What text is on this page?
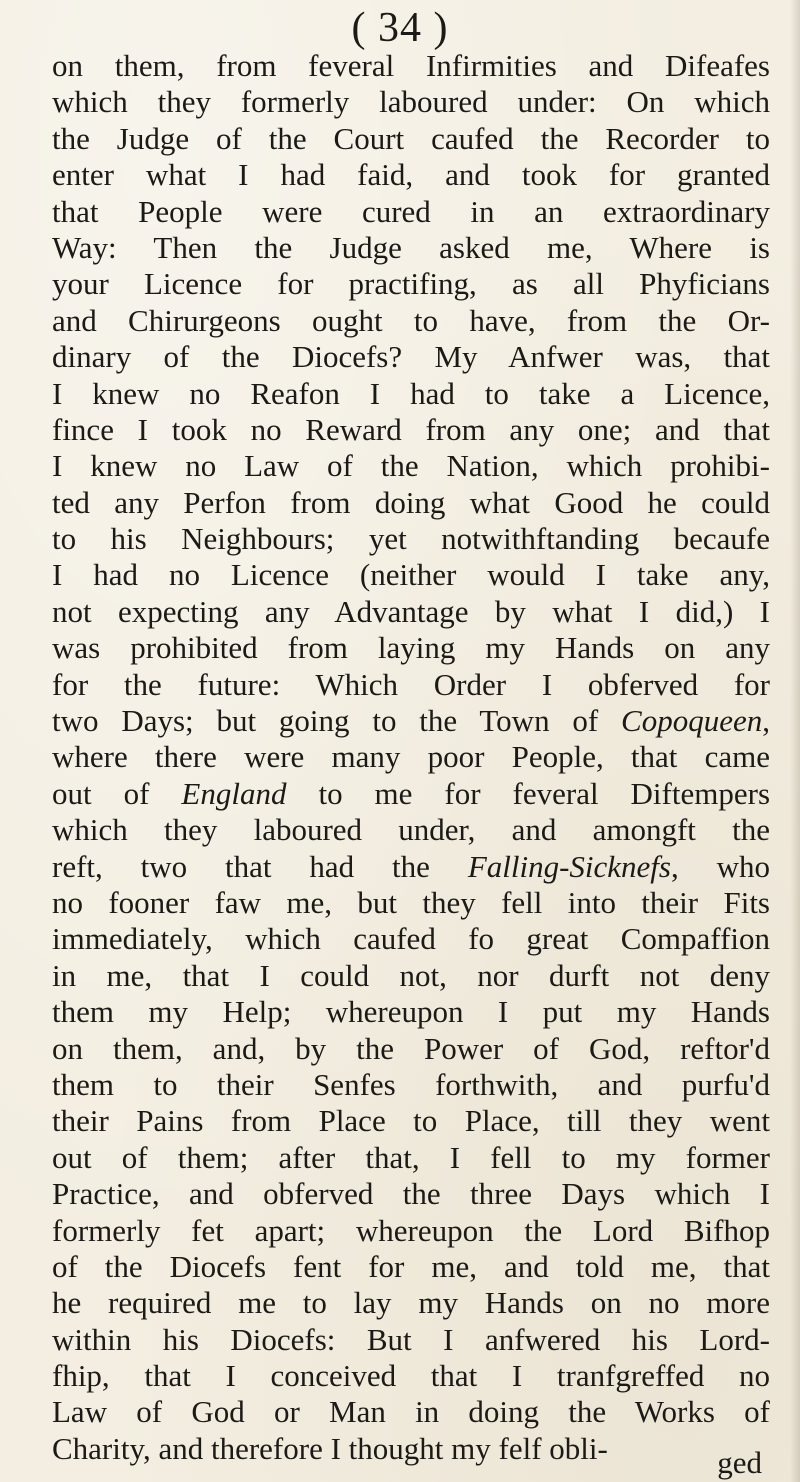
( 34 )
on them, from feveral Infirmities and Difeafes
which they formerly laboured under: On which
the Judge of the Court caufed the Recorder to
enter what I had faid, and took for granted
that People were cured in an extraordinary
Way: Then the Judge asked me, Where is
your Licence for practifing, as all Phyficians
and Chirurgeons ought to have, from the Or-
dinary of the Diocefs? My Anfwer was, that
I knew no Reafon I had to take a Licence,
fince I took no Reward from any one; and that
I knew no Law of the Nation, which prohibi-
ted any Perfon from doing what Good he could
to his Neighbours; yet notwithftanding becaufe
I had no Licence (neither would I take any,
not expecting any Advantage by what I did,) I
was prohibited from laying my Hands on any
for the future: Which Order I obferved for
two Days; but going to the Town of Copoqueen,
where there were many poor People, that came
out of England to me for feveral Diftempers
which they laboured under, and amongft the
reft, two that had the Falling-Sicknefs, who
no fooner faw me, but they fell into their Fits
immediately, which caufed fo great Compaffion
in me, that I could not, nor durft not deny
them my Help; whereupon I put my Hands
on them, and, by the Power of God, reftor'd
them to their Senfes forthwith, and purfu'd
their Pains from Place to Place, till they went
out of them; after that, I fell to my former
Practice, and obferved the three Days which I
formerly fet apart; whereupon the Lord Bifhop
of the Diocefs fent for me, and told me, that
he required me to lay my Hands on no more
within his Diocefs: But I anfwered his Lord-
fhip, that I conceived that I tranfgreffed no
Law of God or Man in doing the Works of
Charity, and therefore I thought my felf obli-	ged
